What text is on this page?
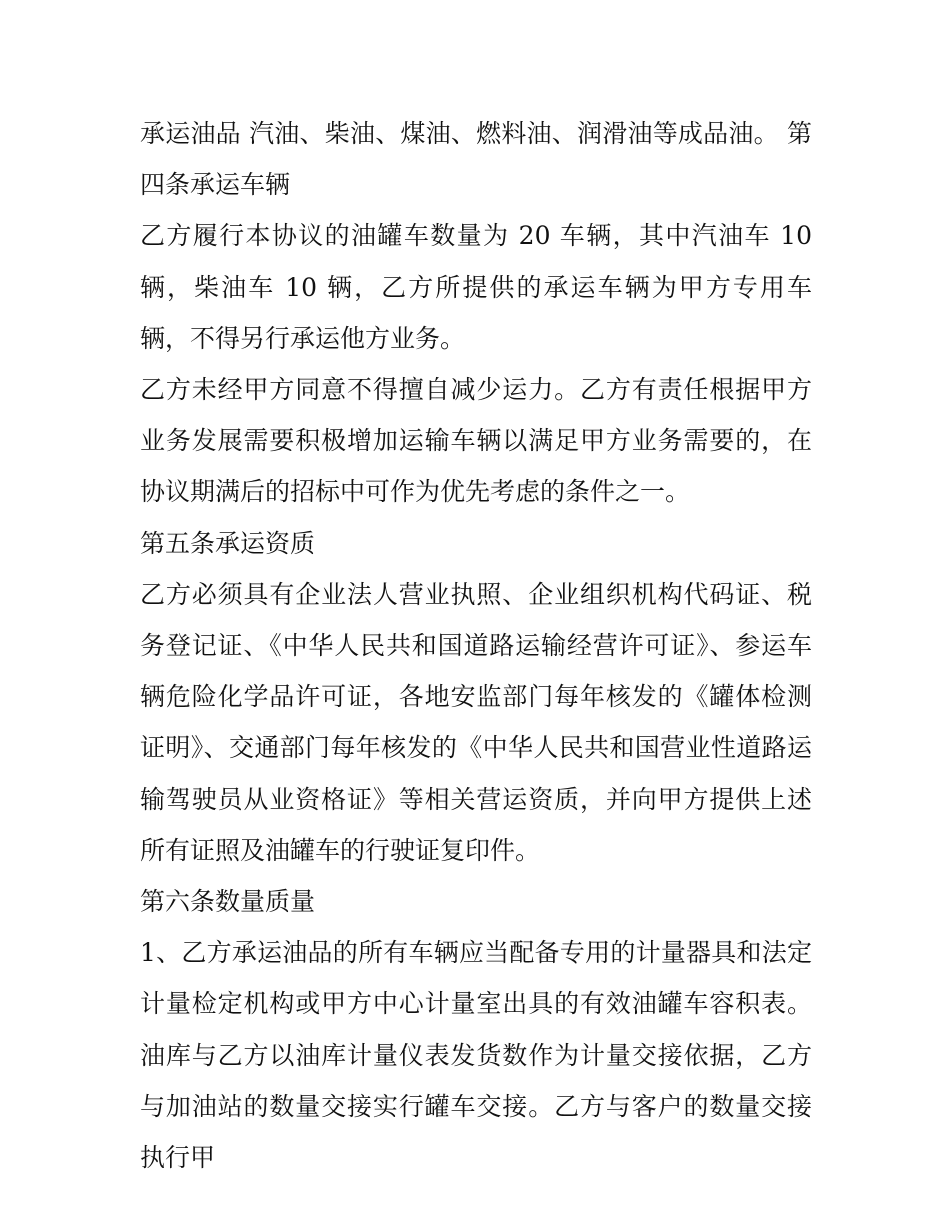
承运油品 汽油、柴油、煤油、燃料油、润滑油等成品油。 第四条承运车辆

乙方履行本协议的油罐车数量为 20 车辆，其中汽油车 10 辆，柴油车 10 辆，乙方所提供的承运车辆为甲方专用车辆，不得另行承运他方业务。

乙方未经甲方同意不得擅自减少运力。乙方有责任根据甲方业务发展需要积极增加运输车辆以满足甲方业务需要的，在协议期满后的招标中可作为优先考虑的条件之一。

第五条承运资质

乙方必须具有企业法人营业执照、企业组织机构代码证、税务登记证、《中华人民共和国道路运输经营许可证》、参运车辆危险化学品许可证，各地安监部门每年核发的《罐体检测证明》、交通部门每年核发的《中华人民共和国营业性道路运输驾驶员从业资格证》等相关营运资质，并向甲方提供上述所有证照及油罐车的行驶证复印件。

第六条数量质量

1、乙方承运油品的所有车辆应当配备专用的计量器具和法定计量检定机构或甲方中心计量室出具的有效油罐车容积表。油库与乙方以油库计量仪表发货数作为计量交接依据，乙方与加油站的数量交接实行罐车交接。乙方与客户的数量交接执行甲
